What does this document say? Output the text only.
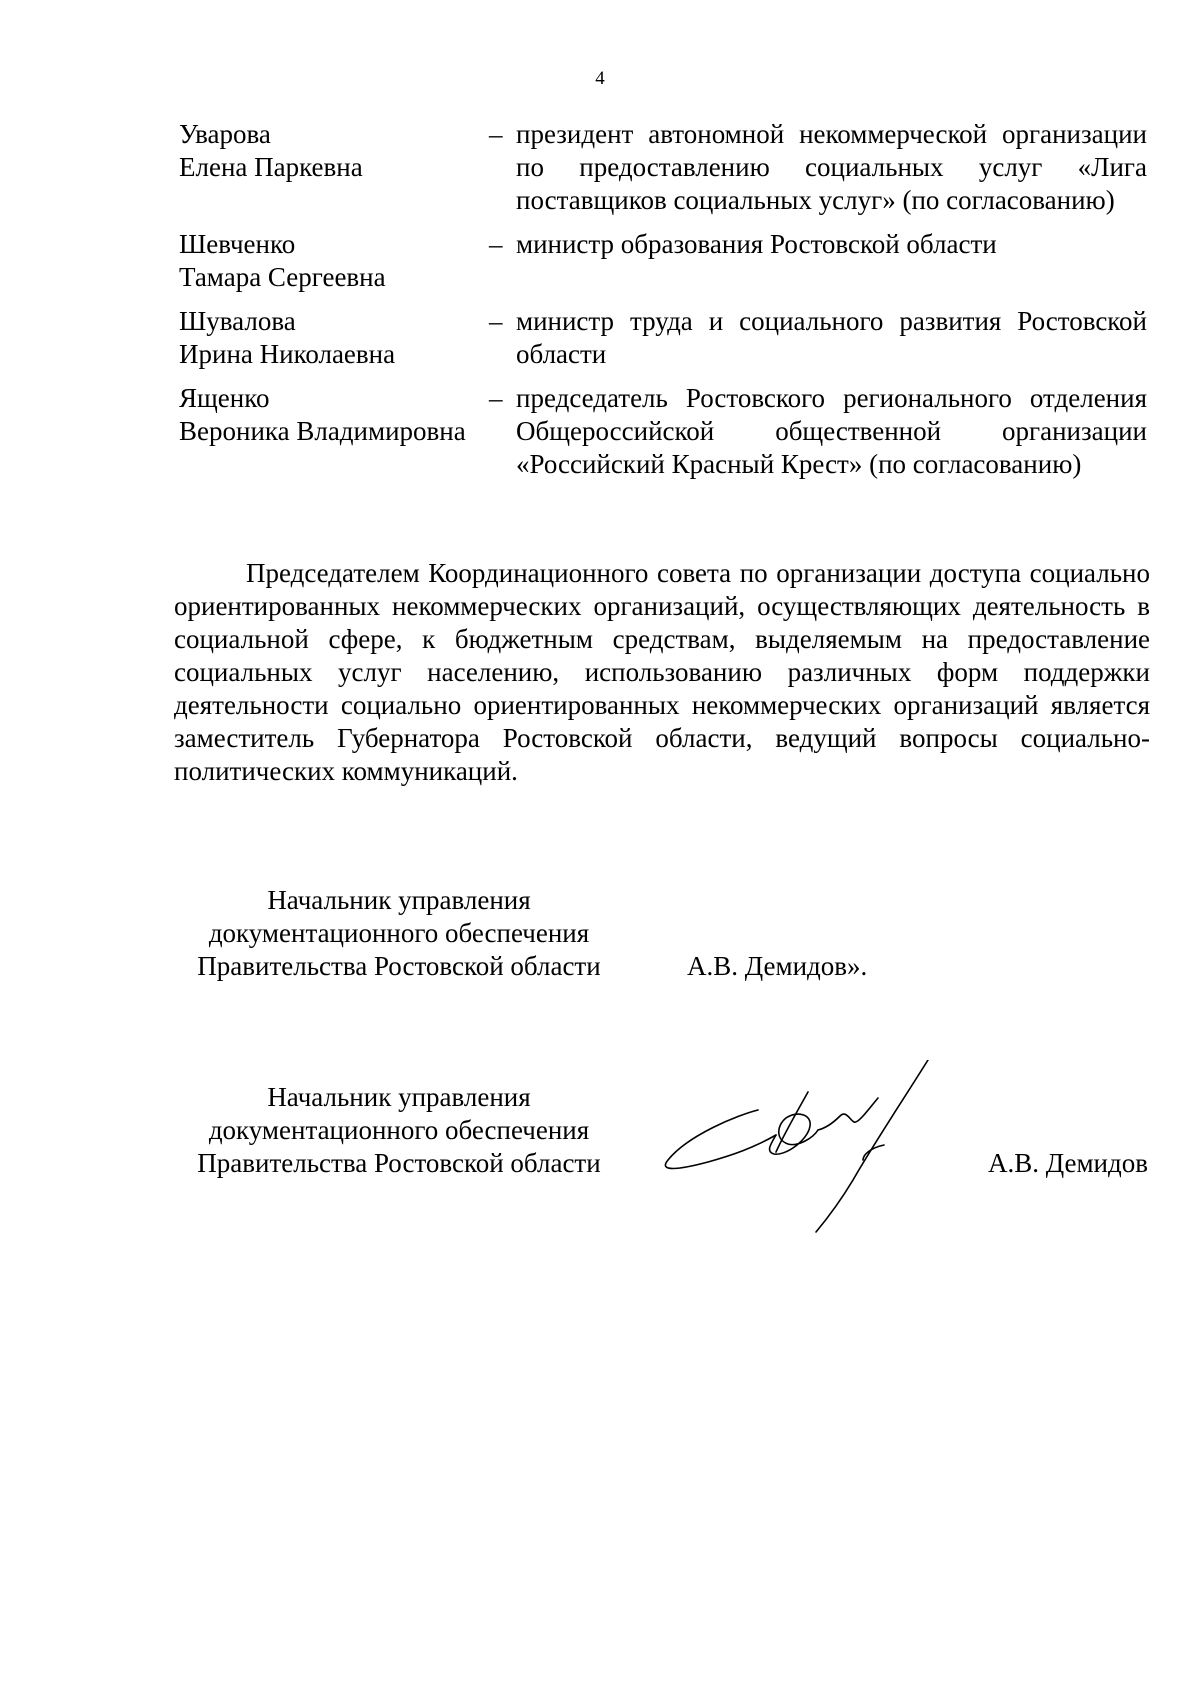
4
Уварова
Елена Паркевна
– президент автономной некоммерческой организации по предоставлению социальных услуг «Лига поставщиков социальных услуг» (по согласованию)
Шевченко
Тамара Сергеевна
– министр образования Ростовской области
Шувалова
Ирина Николаевна
– министр труда и социального развития Ростовской области
Ященко
Вероника Владимировна
– председатель Ростовского регионального отделения Общероссийской общественной организации «Российский Красный Крест» (по согласованию)

Председателем Координационного совета по организации доступа социально ориентированных некоммерческих организаций, осуществляющих деятельность в социальной сфере, к бюджетным средствам, выделяемым на предоставление социальных услуг населению, использованию различных форм поддержки деятельности социально ориентированных некоммерческих организаций является заместитель Губернатора Ростовской области, ведущий вопросы социально-политических коммуникаций.

Начальник управления
документационного обеспечения
Правительства Ростовской области	А.В. Демидов».
Начальник управления
документационного обеспечения
Правительства Ростовской области	А.В. Демидов
